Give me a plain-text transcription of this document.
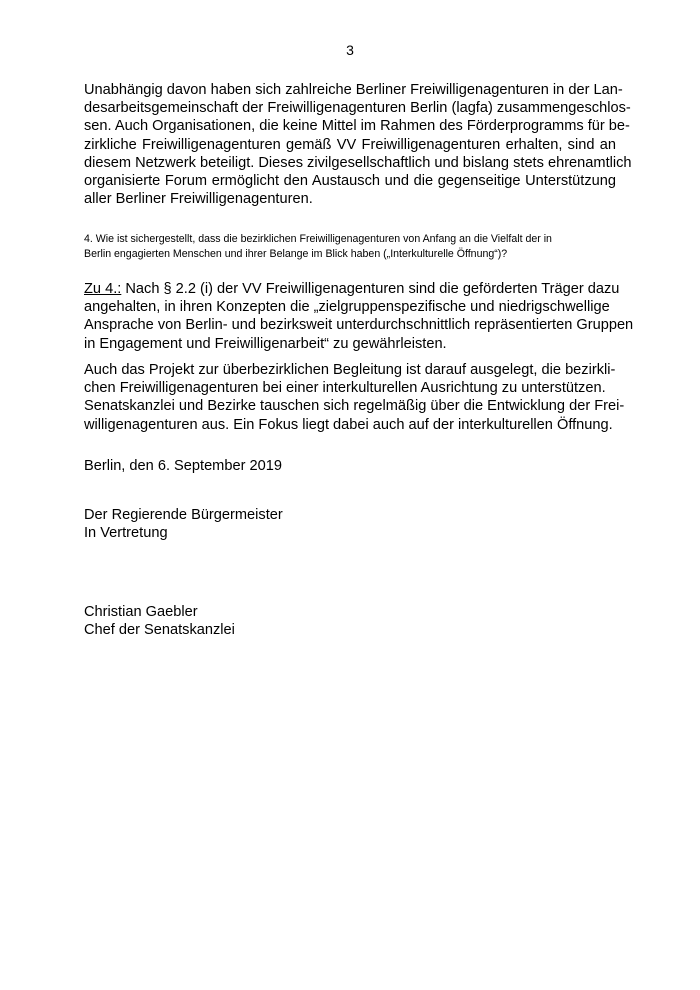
3
Unabhängig davon haben sich zahlreiche Berliner Freiwilligenagenturen in der Lan-
desarbeitsgemeinschaft der Freiwilligenagenturen Berlin (lagfa) zusammengeschlos-
sen. Auch Organisationen, die keine Mittel im Rahmen des Förderprogramms für be-
zirkliche Freiwilligenagenturen gemäß VV Freiwilligenagenturen erhalten, sind an
diesem Netzwerk beteiligt. Dieses zivilgesellschaftlich und bislang stets ehrenamtlich
organisierte Forum ermöglicht den Austausch und die gegenseitige Unterstützung
aller Berliner Freiwilligenagenturen.
4. Wie ist sichergestellt, dass die bezirklichen Freiwilligenagenturen von Anfang an die Vielfalt der in
Berlin engagierten Menschen und ihrer Belange im Blick haben („Interkulturelle Öffnung“)?
Zu 4.: Nach § 2.2 (i) der VV Freiwilligenagenturen sind die geförderten Träger dazu
angehalten, in ihren Konzepten die „zielgruppenspezifische und niedrigschwellige
Ansprache von Berlin- und bezirksweit unterdurchschnittlich repräsentierten Gruppen
in Engagement und Freiwilligenarbeit“ zu gewährleisten.
Auch das Projekt zur überbezirklichen Begleitung ist darauf ausgelegt, die bezirkli-
chen Freiwilligenagenturen bei einer interkulturellen Ausrichtung zu unterstützen.
Senatskanzlei und Bezirke tauschen sich regelmäßig über die Entwicklung der Frei-
willigenagenturen aus. Ein Fokus liegt dabei auch auf der interkulturellen Öffnung.
Berlin, den 6. September 2019
Der Regierende Bürgermeister
In Vertretung
Christian Gaebler
Chef der Senatskanzlei
